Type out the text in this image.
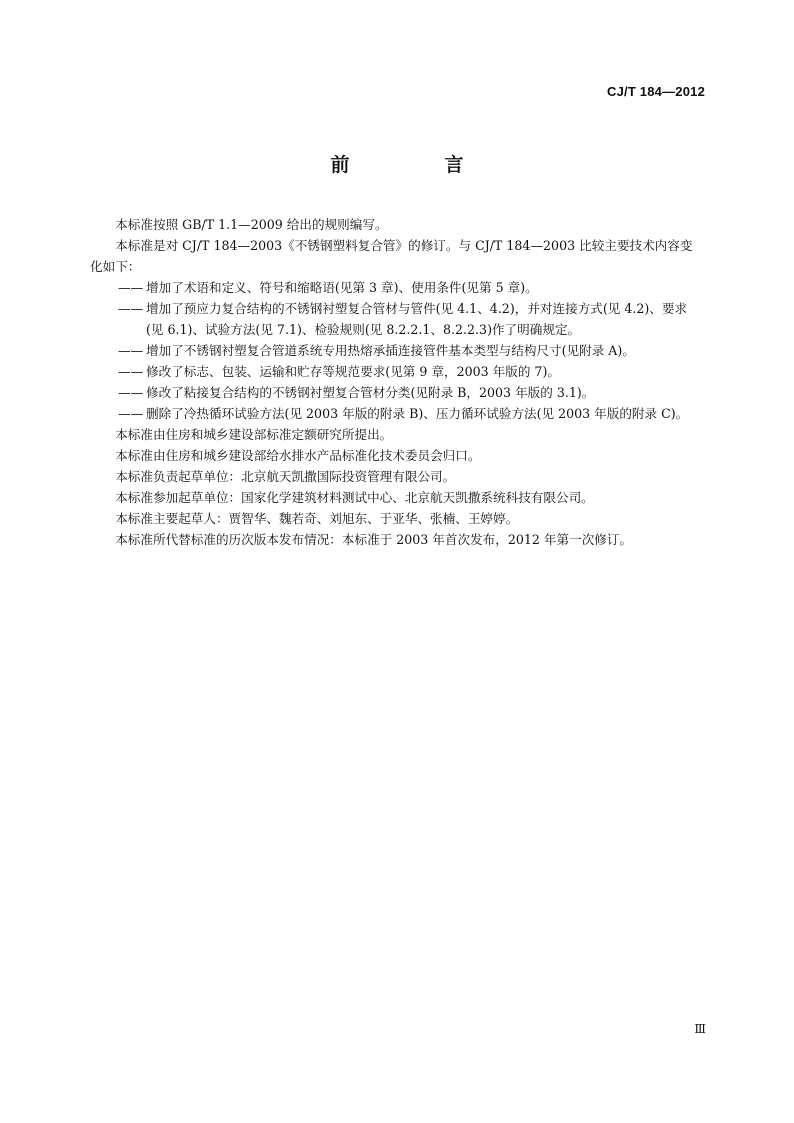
CJ/T 184—2012
前　言

本标准按照 GB/T 1.1—2009 给出的规则编写。

本标准是对 CJ/T 184—2003《不锈钢塑料复合管》的修订。与 CJ/T 184—2003 比较主要技术内容变化如下：

—— 增加了术语和定义、符号和缩略语(见第 3 章)、使用条件(见第 5 章)。

—— 增加了预应力复合结构的不锈钢衬塑复合管材与管件(见 4.1、4.2)，并对连接方式(见 4.2)、要求(见 6.1)、试验方法(见 7.1)、检验规则(见 8.2.2.1、8.2.2.3)作了明确规定。

—— 增加了不锈钢衬塑复合管道系统专用热熔承插连接管件基本类型与结构尺寸(见附录 A)。

—— 修改了标志、包装、运输和贮存等规范要求(见第 9 章，2003 年版的 7)。

—— 修改了粘接复合结构的不锈钢衬塑复合管材分类(见附录 B，2003 年版的 3.1)。

—— 删除了冷热循环试验方法(见 2003 年版的附录 B)、压力循环试验方法(见 2003 年版的附录 C)。

本标准由住房和城乡建设部标准定额研究所提出。

本标准由住房和城乡建设部给水排水产品标准化技术委员会归口。

本标准负责起草单位：北京航天凯撒国际投资管理有限公司。

本标准参加起草单位：国家化学建筑材料测试中心、北京航天凯撒系统科技有限公司。

本标准主要起草人：贾智华、魏若奇、刘旭东、于亚华、张楠、王婷婷。

本标准所代替标准的历次版本发布情况：本标准于 2003 年首次发布，2012 年第一次修订。

Ⅲ
